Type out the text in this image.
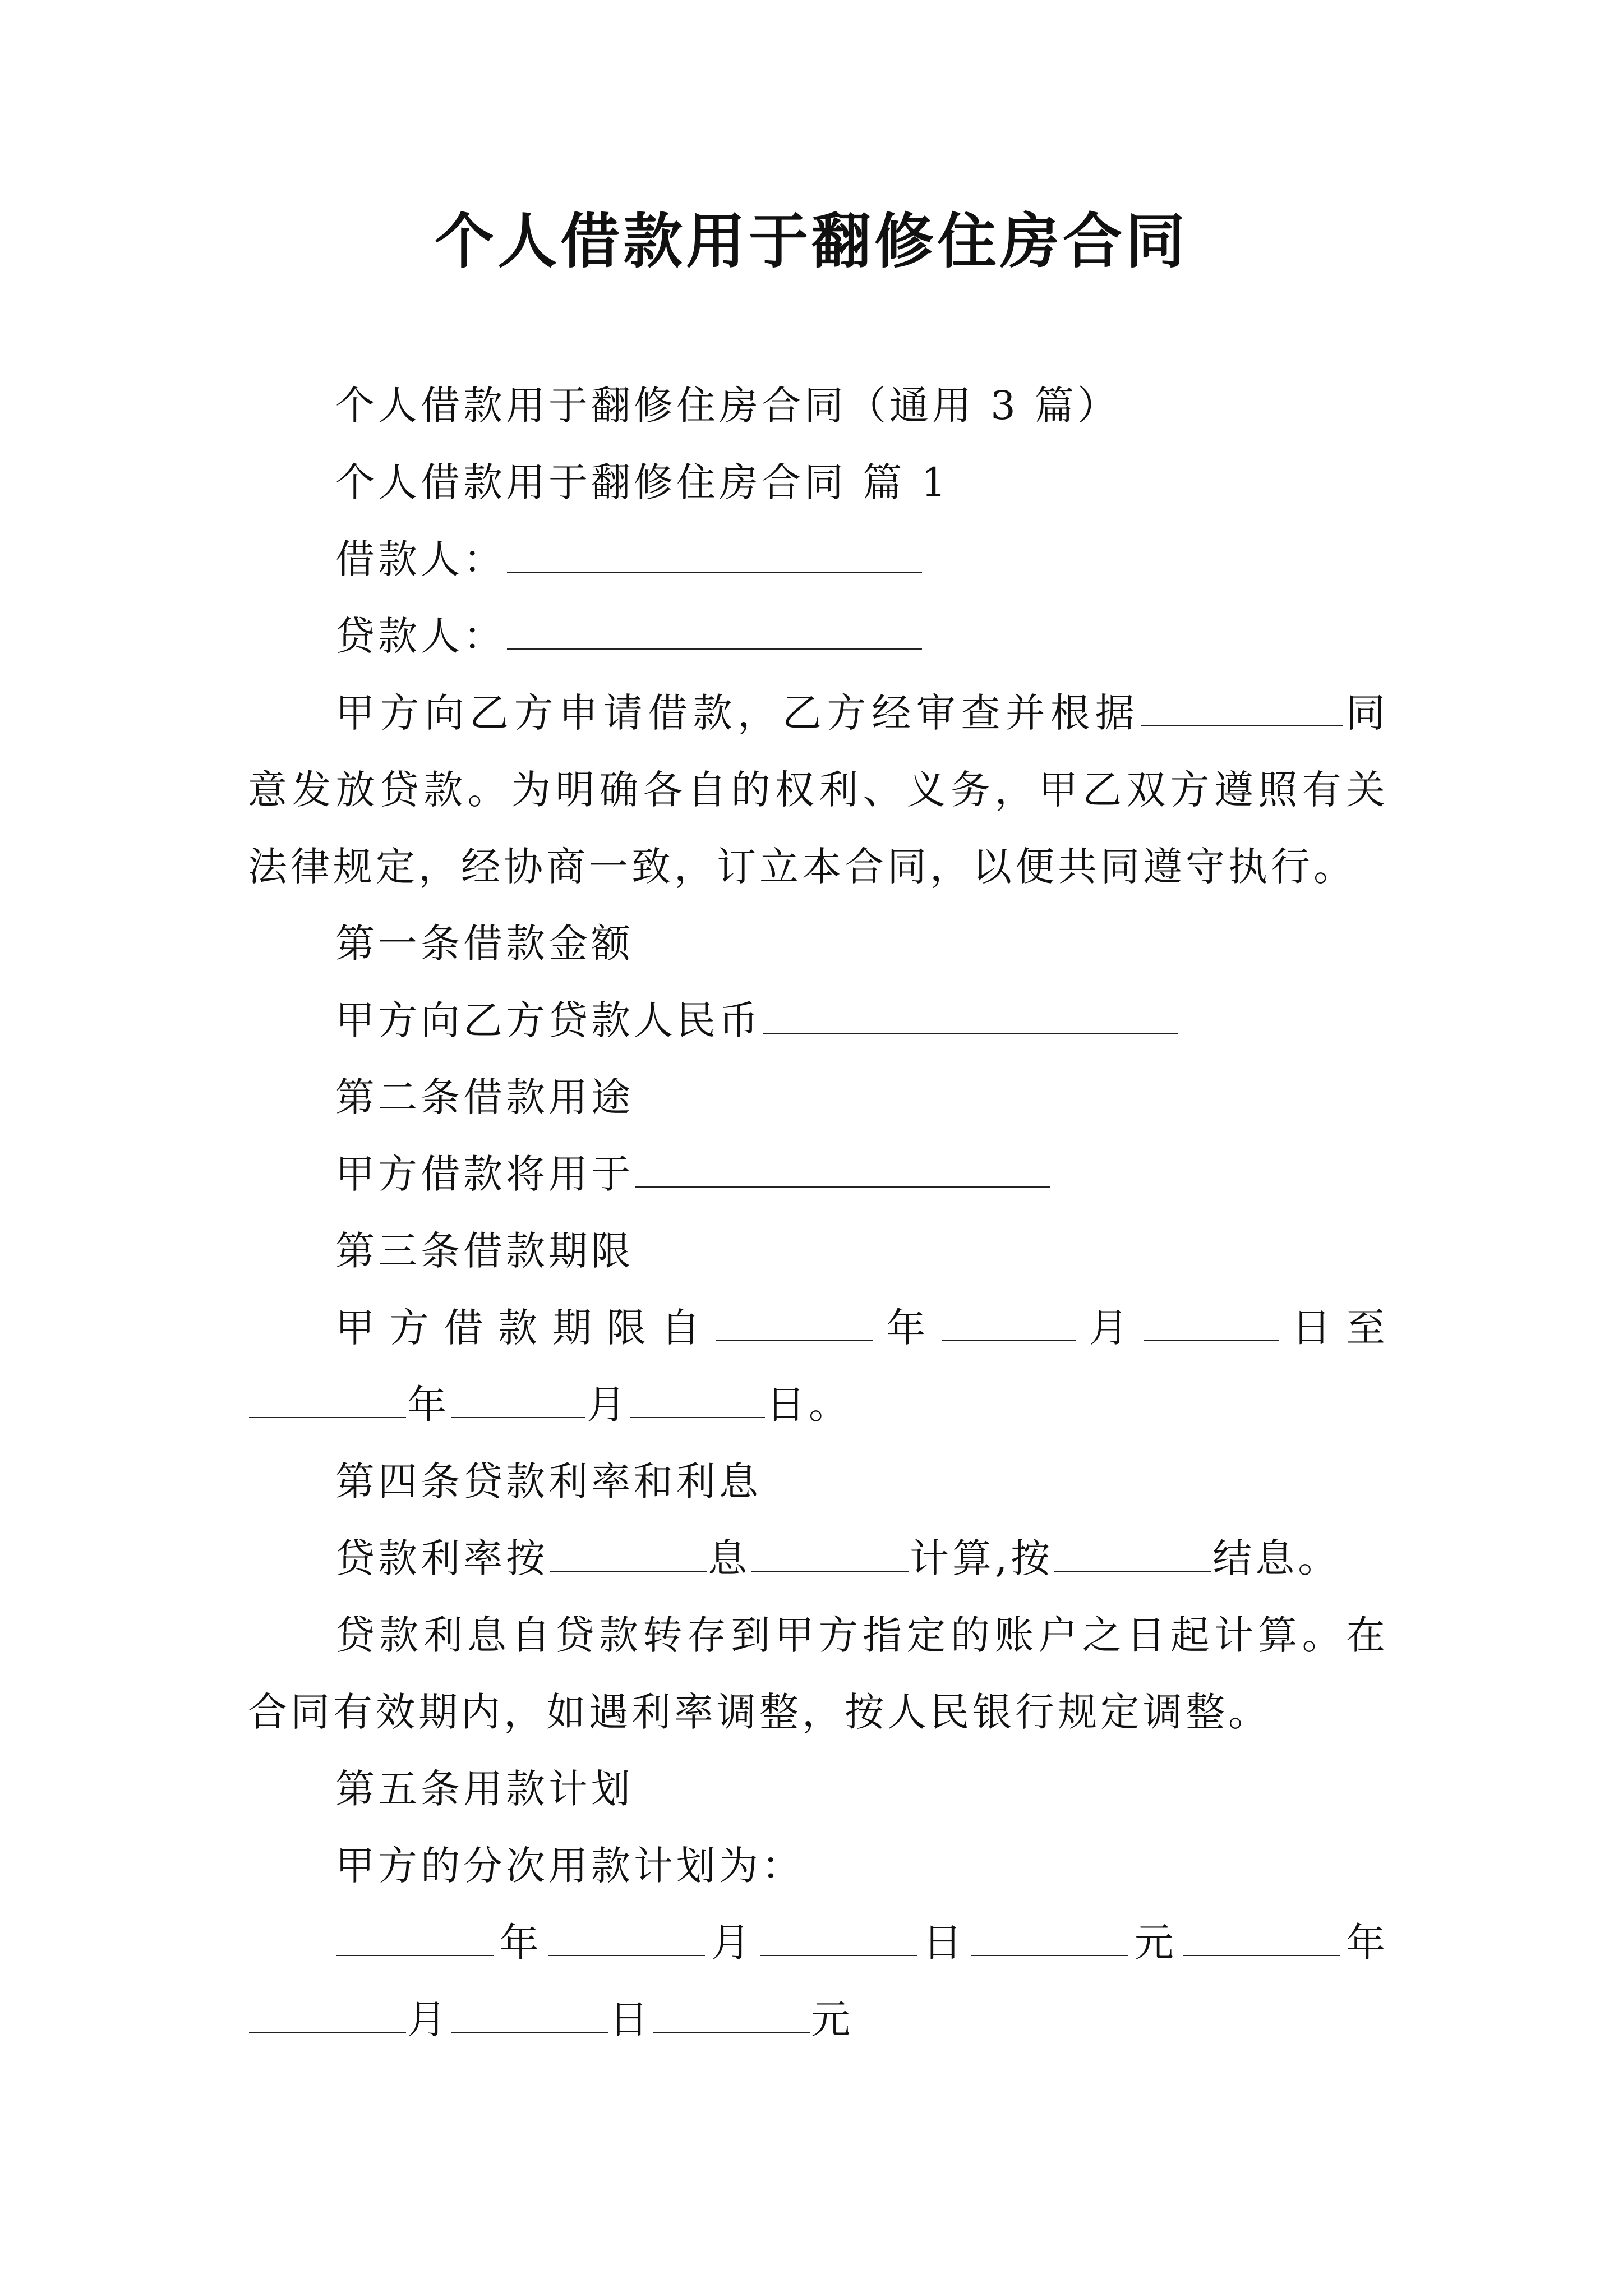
个人借款用于翻修住房合同

个人借款用于翻修住房合同（通用 3 篇）

个人借款用于翻修住房合同 篇 1

借款人：

贷款人：

甲方向乙方申请借款，乙方经审查并根据	同意发放贷款。为明确各自的权利、义务，甲乙双方遵照有关法律规定，经协商一致，订立本合同，以便共同遵守执行。

第一条借款金额

甲方向乙方贷款人民币

第二条借款用途

甲方借款将用于

第三条借款期限

甲方借款期限自	年	月	日至年	月	日。

第四条贷款利率和利息

贷款利率按	息	计算,按	结息。

贷款利息自贷款转存到甲方指定的账户之日起计算。在合同有效期内，如遇利率调整，按人民银行规定调整。

第五条用款计划

甲方的分次用款计划为：

年	月	日	元	年月	日	元
